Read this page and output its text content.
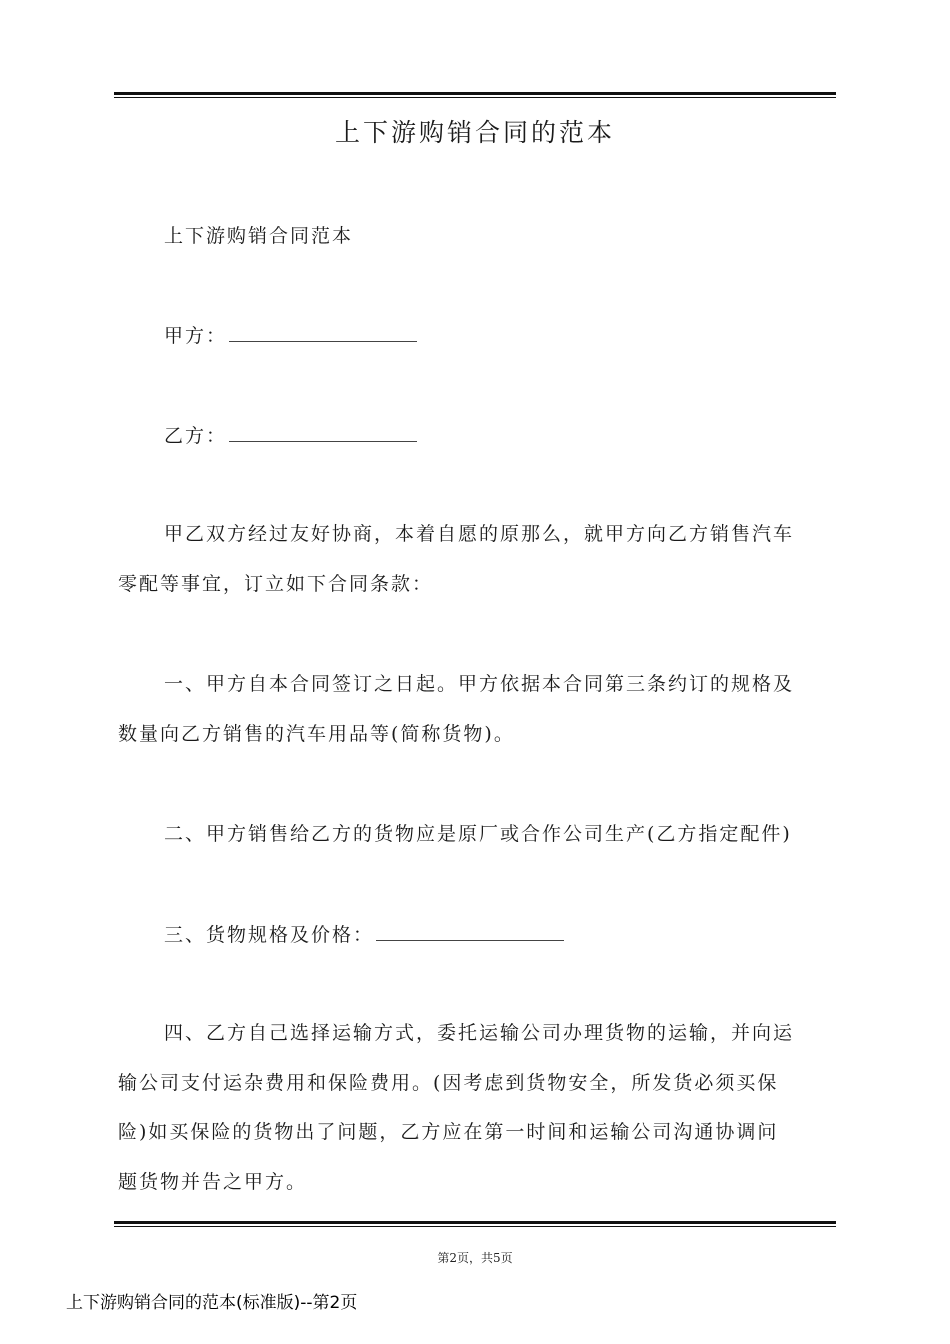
上下游购销合同的范本
上下游购销合同范本
甲方：
乙方：
甲乙双方经过友好协商，本着自愿的原那么，就甲方向乙方销售汽车
零配等事宜，订立如下合同条款：
一、甲方自本合同签订之日起。甲方依据本合同第三条约订的规格及
数量向乙方销售的汽车用品等(简称货物)。
二、甲方销售给乙方的货物应是原厂或合作公司生产(乙方指定配件)
三、货物规格及价格：
四、乙方自己选择运输方式，委托运输公司办理货物的运输，并向运
输公司支付运杂费用和保险费用。(因考虑到货物安全，所发货必须买保
险)如买保险的货物出了问题，乙方应在第一时间和运输公司沟通协调问
题货物并告之甲方。
第2页，共5页
上下游购销合同的范本(标准版)--第2页
